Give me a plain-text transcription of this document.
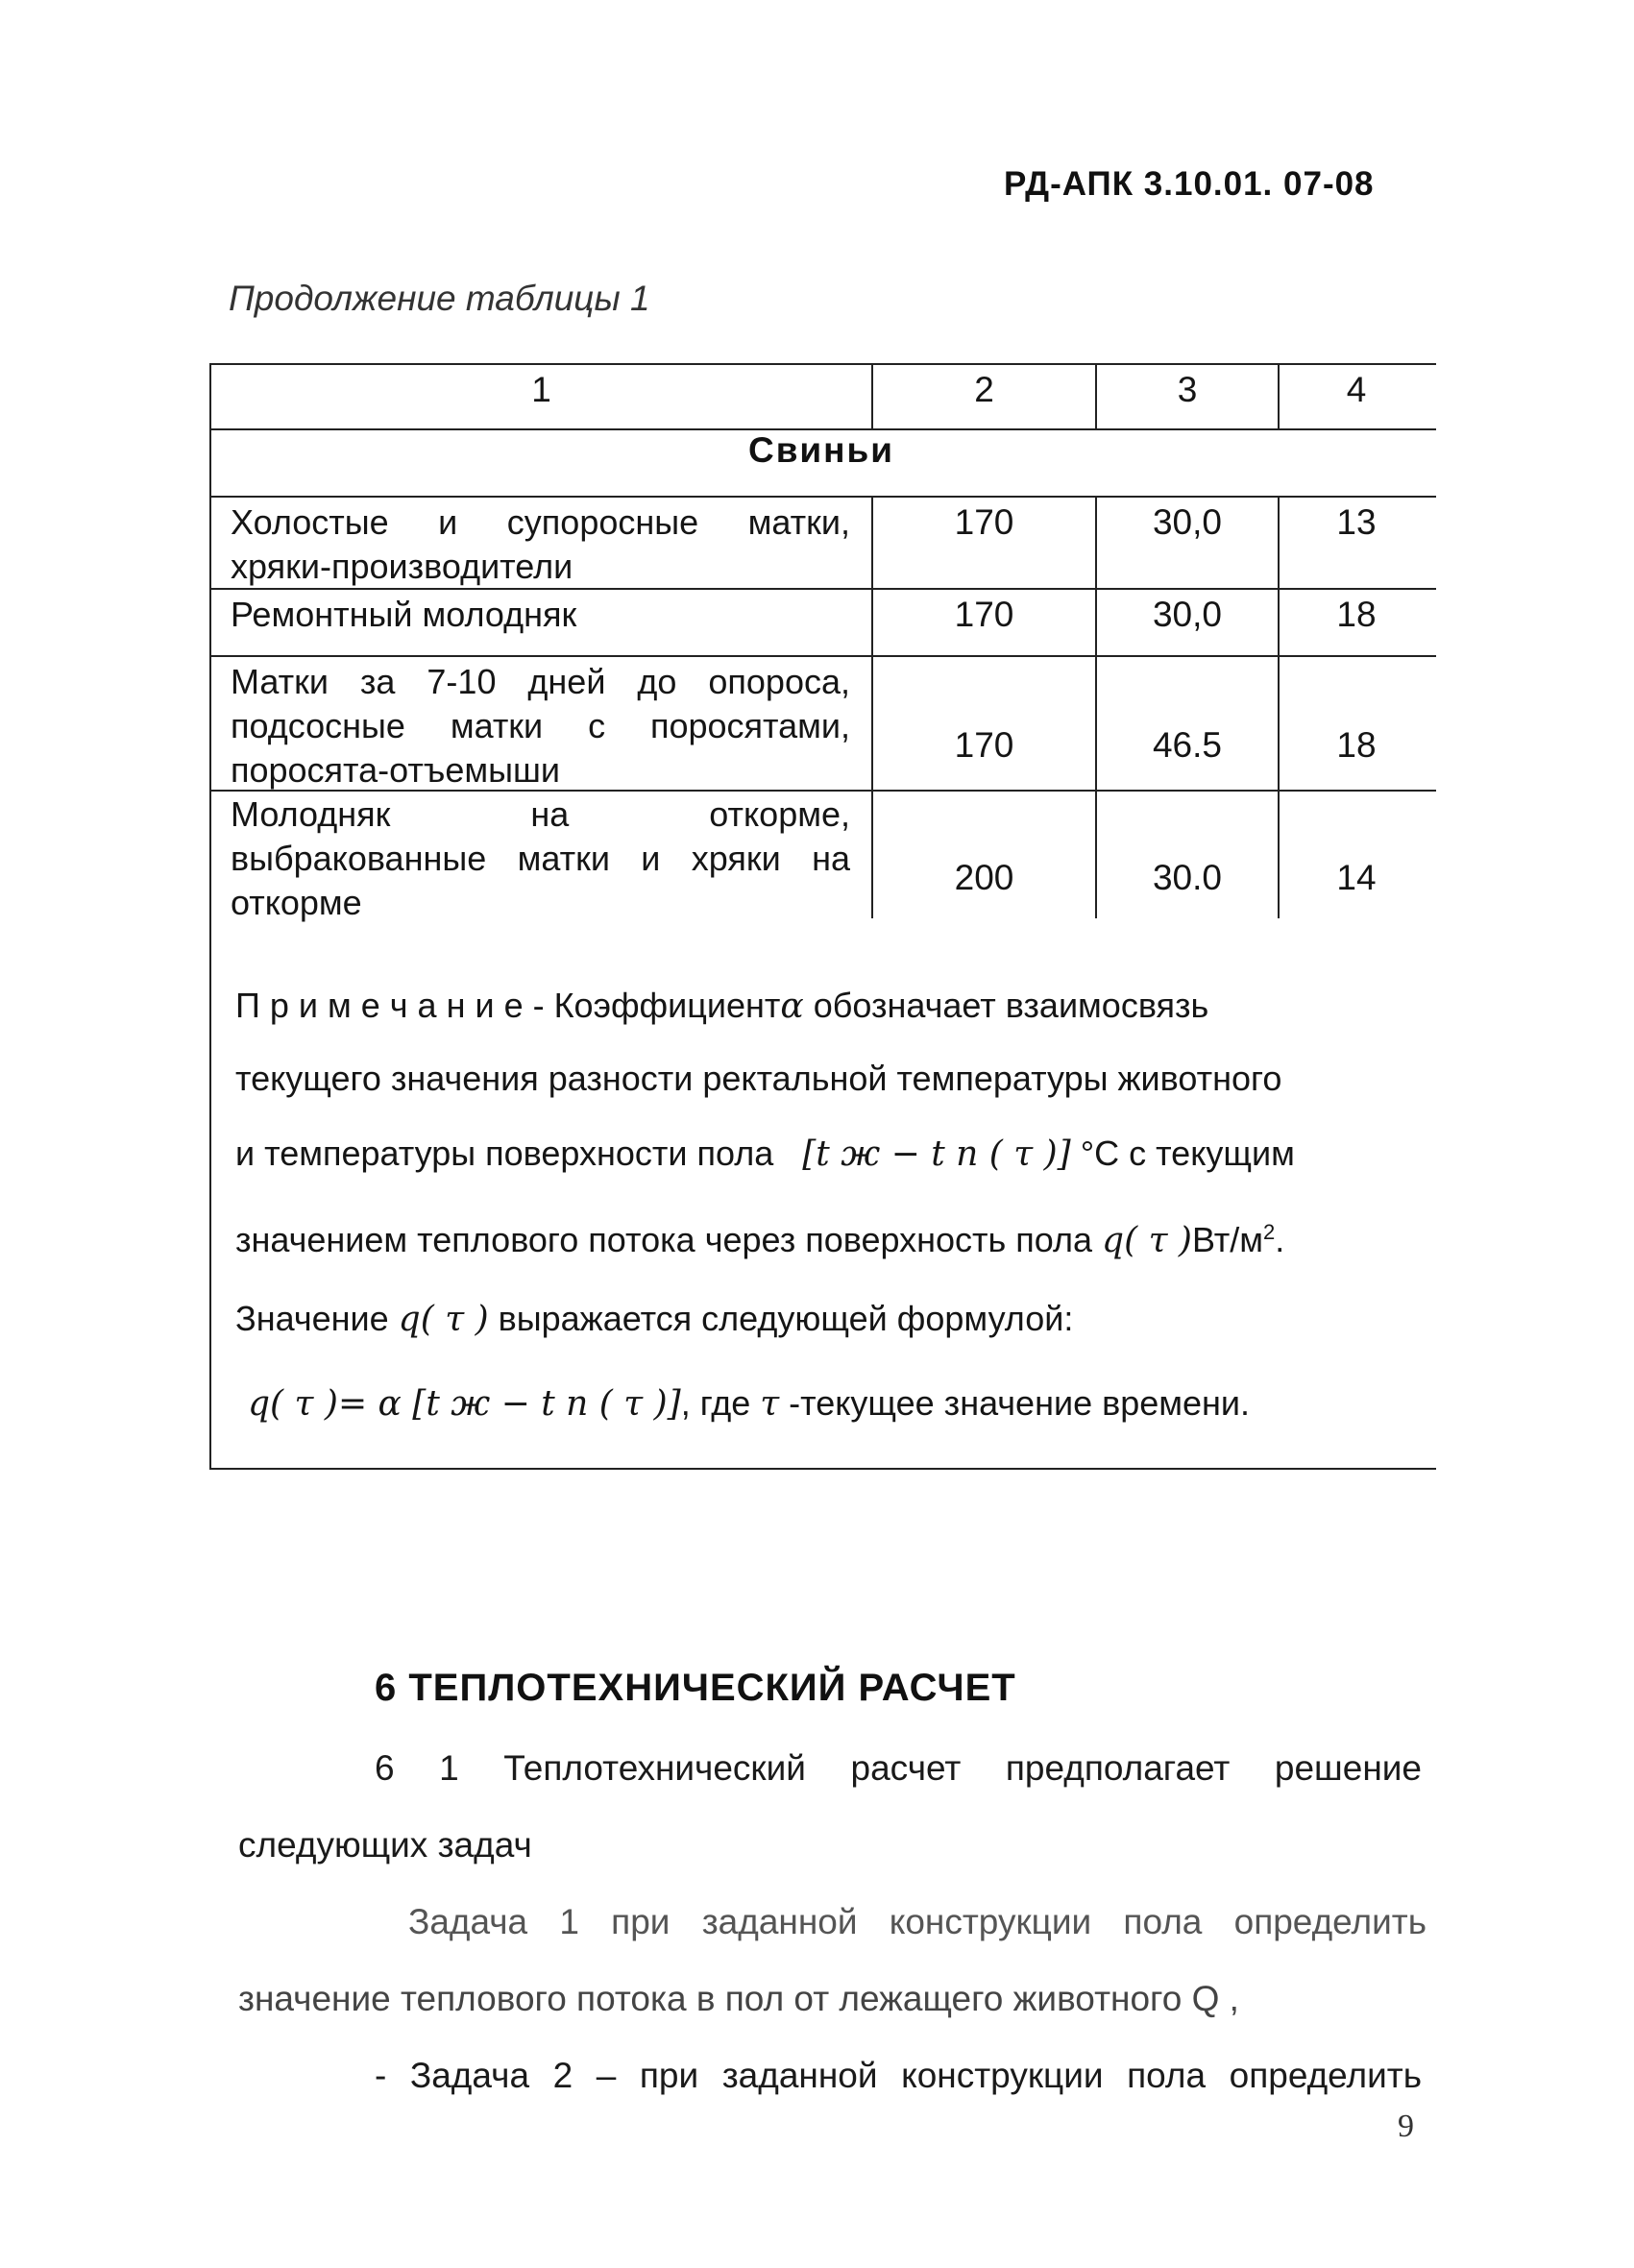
РД-АПК 3.10.01. 07-08
Продолжение таблицы 1
1	2	3	4
Свиньи
Холостые и супоросные матки,
хряки-производители
170	30,0	13
Ремонтный молодняк	170	30,0	18
Матки за 7-10 дней до опороса,
подсосные матки с поросятами,
поросята-отъемыши
170	46.5	18
Молодняк на откорме,
выбракованные матки и хряки на
откорме
200	30.0	14
П р и м е ч а н и е - Коэффициентα обозначает взаимосвязь
текущего значения разности ректальной температуры животного
и температуры поверхности пола [t ж − t п ( τ )] °С с текущим
значением теплового потока через поверхность пола q( τ )$Вт/м^2$.
Значение q( τ ) выражается следующей формулой:
q( τ )= α [t ж − t п ( τ )], где τ -текущее значение времени.
6 ТЕПЛОТЕХНИЧЕСКИЙ РАСЧЕТ
6 1 Теплотехнический расчет предполагает решение
следующих задач
Задача 1 при заданной конструкции пола определить
значение теплового потока в пол от лежащего животного Q ,
- Задача 2 – при заданной конструкции пола определить
9
